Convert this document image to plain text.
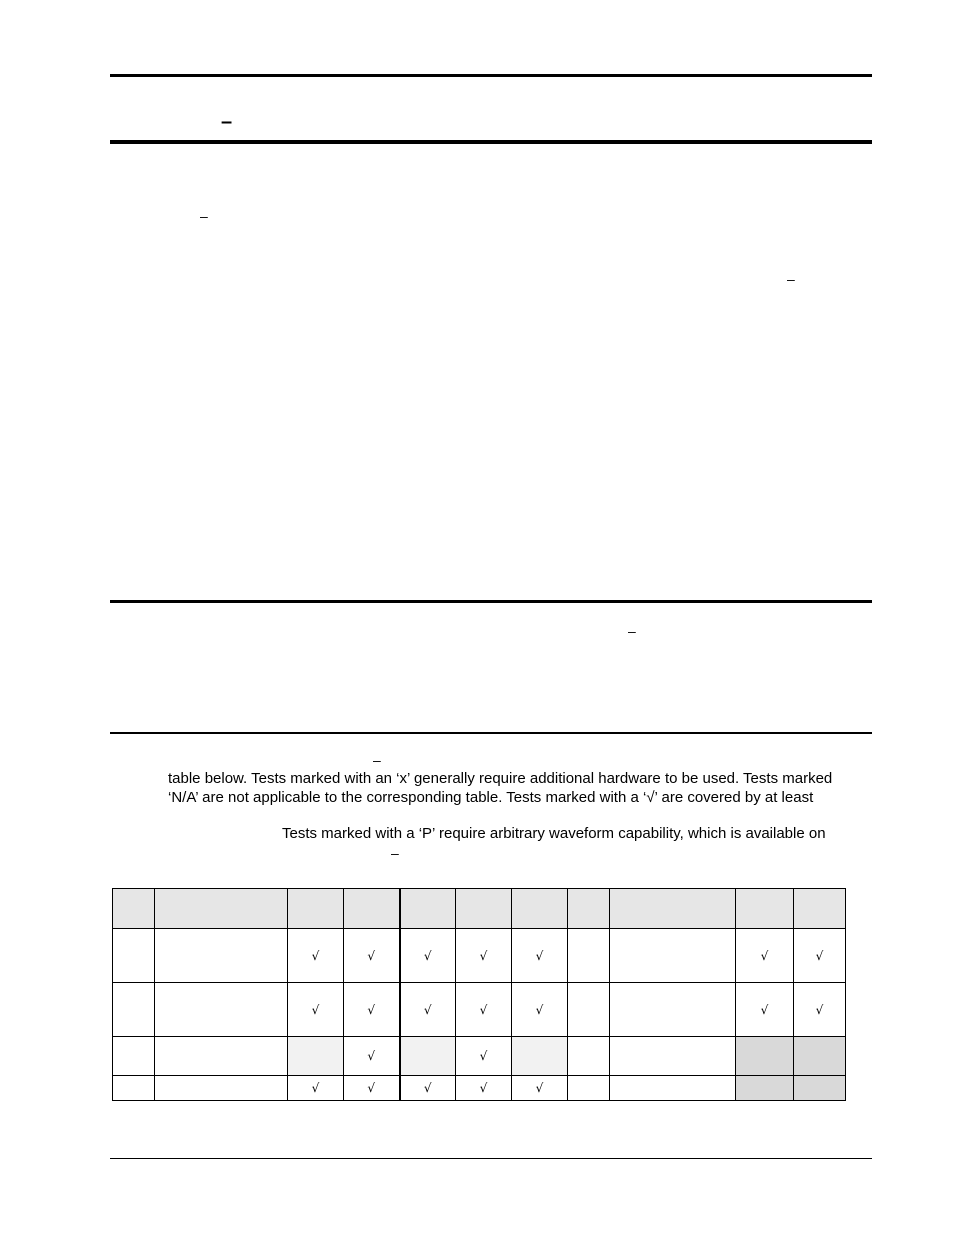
–
–
–
–
–
–
table below. Tests marked with an ‘x’ generally require additional hardware to be used. Tests marked
‘N/A’ are not applicable to the corresponding table. Tests marked with a ‘√’ are covered by at least
Tests marked with a ‘P’ require arbitrary waveform capability, which is available on

		√	√	√	√	√			√	√
		√	√	√	√	√			√	√
			√		√					
		√	√	√	√	√				
